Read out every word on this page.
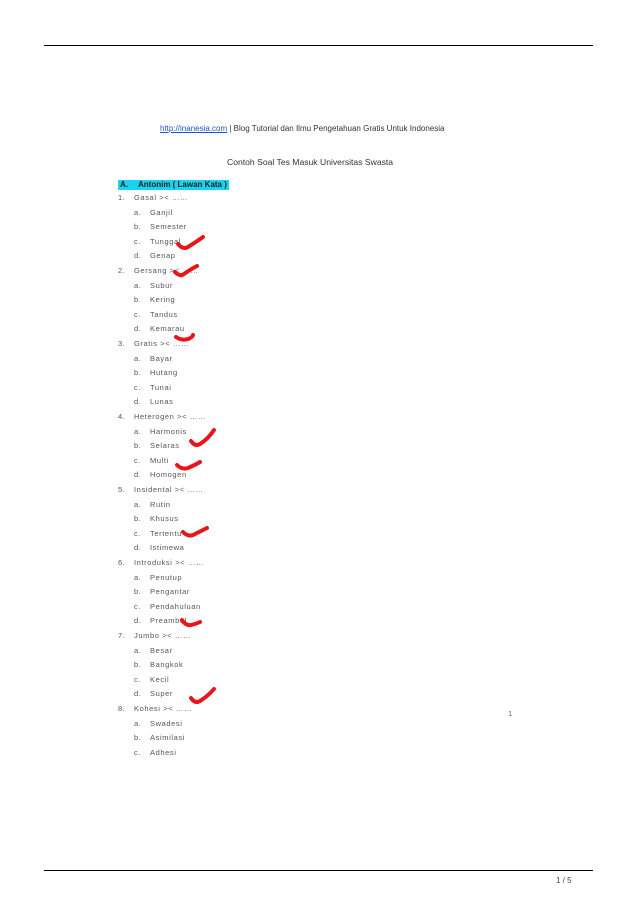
http://inanesia.com | Blog Tutorial dan Ilmu Pengetahuan Gratis Untuk Indonesia
Contoh Soal Tes Masuk Universitas Swasta
A. Antonim ( Lawan Kata )
1. Gasal >< ……
a. Ganjil
b. Semester
c. Tunggal
d. Genap
2. Gersang >< ……
a. Subur
b. Kering
c. Tandus
d. Kemarau
3. Gratis >< ……
a. Bayar
b. Hutang
c. Tunai
d. Lunas
4. Heterogen >< ……
a. Harmonis
b. Selaras
c. Multi
d. Homogen
5. Insidental >< ……
a. Rutin
b. Khusus
c. Tertentu
d. Istimewa
6. Introduksi >< ……
a. Penutup
b. Pengantar
c. Pendahuluan
d. Preambul
7. Jumbo >< ……
a. Besar
b. Bangkok
c. Kecil
d. Super
8. Kohesi >< ……
a. Swadesi
b. Asimilasi
c. Adhesi
1
1 / 5
